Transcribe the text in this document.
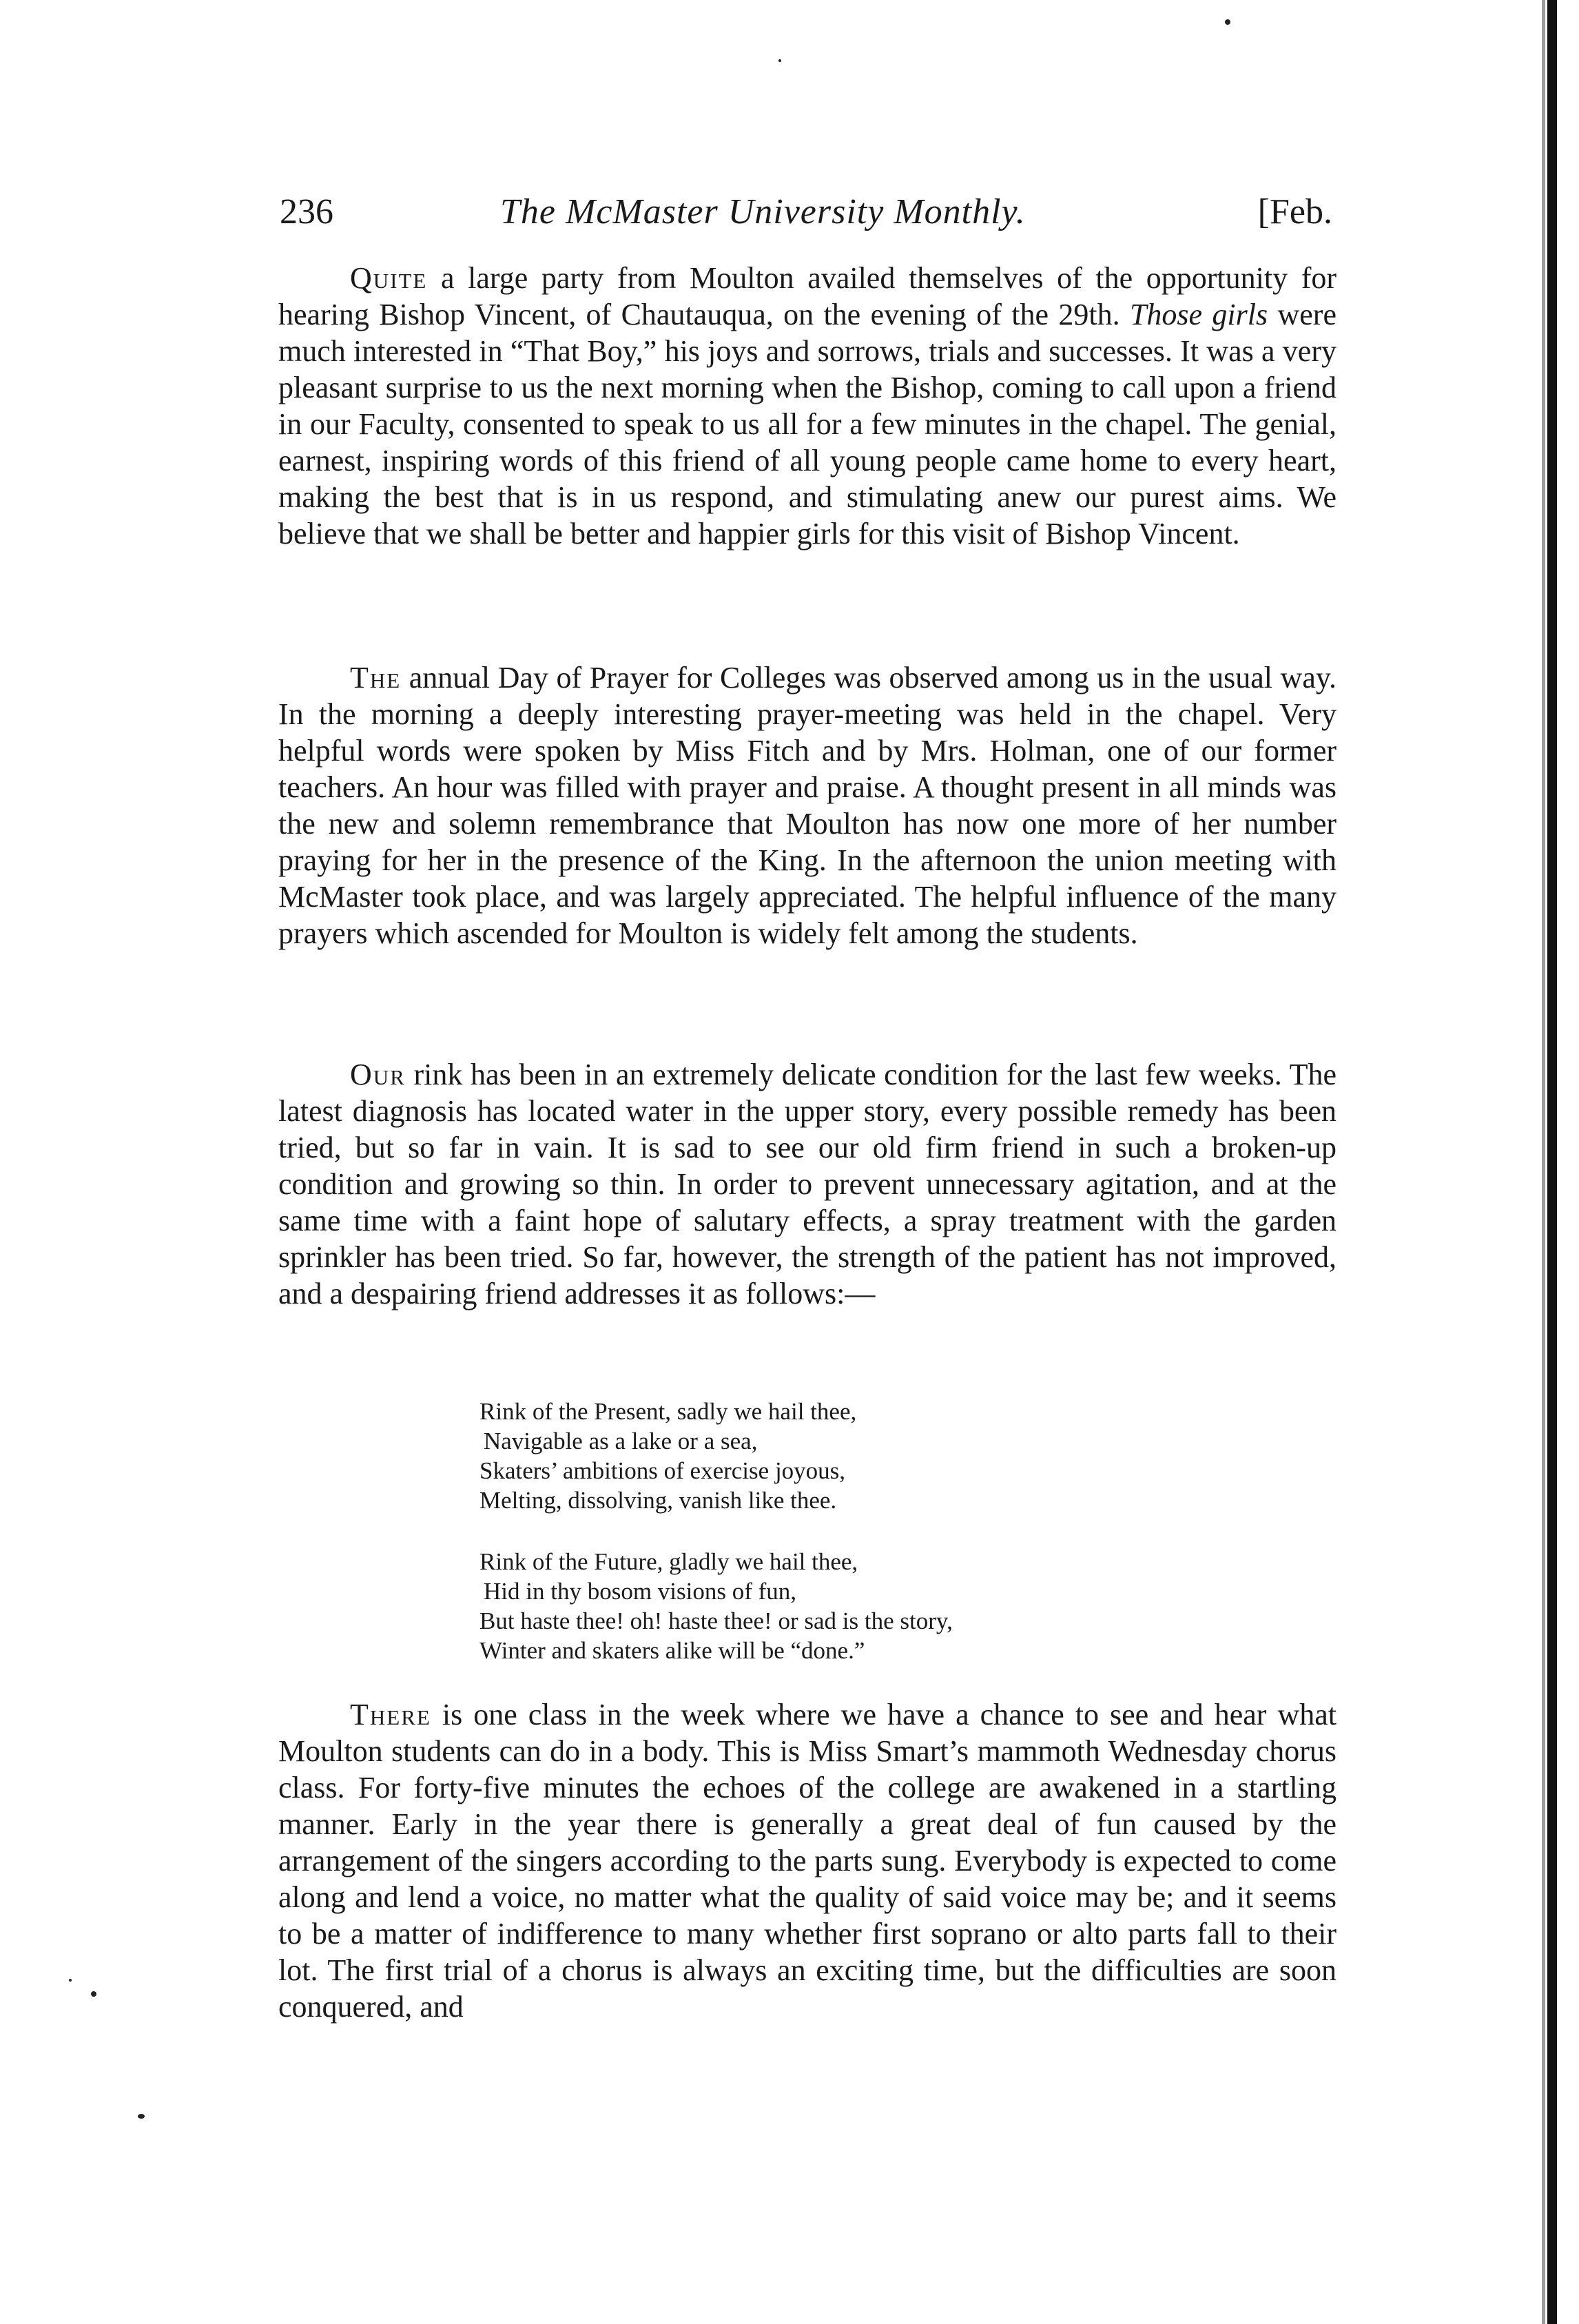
236	The McMaster University Monthly.	[Feb.

Quite a large party from Moulton availed themselves of the opportunity for hearing Bishop Vincent, of Chautauqua, on the evening of the 29th. Those girls were much interested in “That Boy,” his joys and sorrows, trials and successes. It was a very pleasant surprise to us the next morning when the Bishop, coming to call upon a friend in our Faculty, consented to speak to us all for a few minutes in the chapel. The genial, earnest, inspiring words of this friend of all young people came home to every heart, making the best that is in us respond, and stimulating anew our purest aims. We believe that we shall be better and happier girls for this visit of Bishop Vincent.

The annual Day of Prayer for Colleges was observed among us in the usual way. In the morning a deeply interesting prayer-meeting was held in the chapel. Very helpful words were spoken by Miss Fitch and by Mrs. Holman, one of our former teachers. An hour was filled with prayer and praise. A thought present in all minds was the new and solemn remembrance that Moulton has now one more of her number praying for her in the presence of the King. In the afternoon the union meeting with McMaster took place, and was largely appreciated. The helpful influence of the many prayers which ascended for Moulton is widely felt among the students.

Our rink has been in an extremely delicate condition for the last few weeks. The latest diagnosis has located water in the upper story, every possible remedy has been tried, but so far in vain. It is sad to see our old firm friend in such a broken-up condition and growing so thin. In order to prevent unnecessary agitation, and at the same time with a faint hope of salutary effects, a spray treatment with the garden sprinkler has been tried. So far, however, the strength of the patient has not improved, and a despairing friend addresses it as follows:—

Rink of the Present, sadly we hail thee,
Navigable as a lake or a sea,
Skaters’ ambitions of exercise joyous,
Melting, dissolving, vanish like thee.
Rink of the Future, gladly we hail thee,
Hid in thy bosom visions of fun,
But haste thee! oh! haste thee! or sad is the story,
Winter and skaters alike will be “done.”

There is one class in the week where we have a chance to see and hear what Moulton students can do in a body. This is Miss Smart’s mammoth Wednesday chorus class. For forty-five minutes the echoes of the college are awakened in a startling manner. Early in the year there is generally a great deal of fun caused by the arrangement of the singers according to the parts sung. Everybody is expected to come along and lend a voice, no matter what the quality of said voice may be; and it seems to be a matter of indifference to many whether first soprano or alto parts fall to their lot. The first trial of a chorus is always an exciting time, but the difficulties are soon conquered, and
